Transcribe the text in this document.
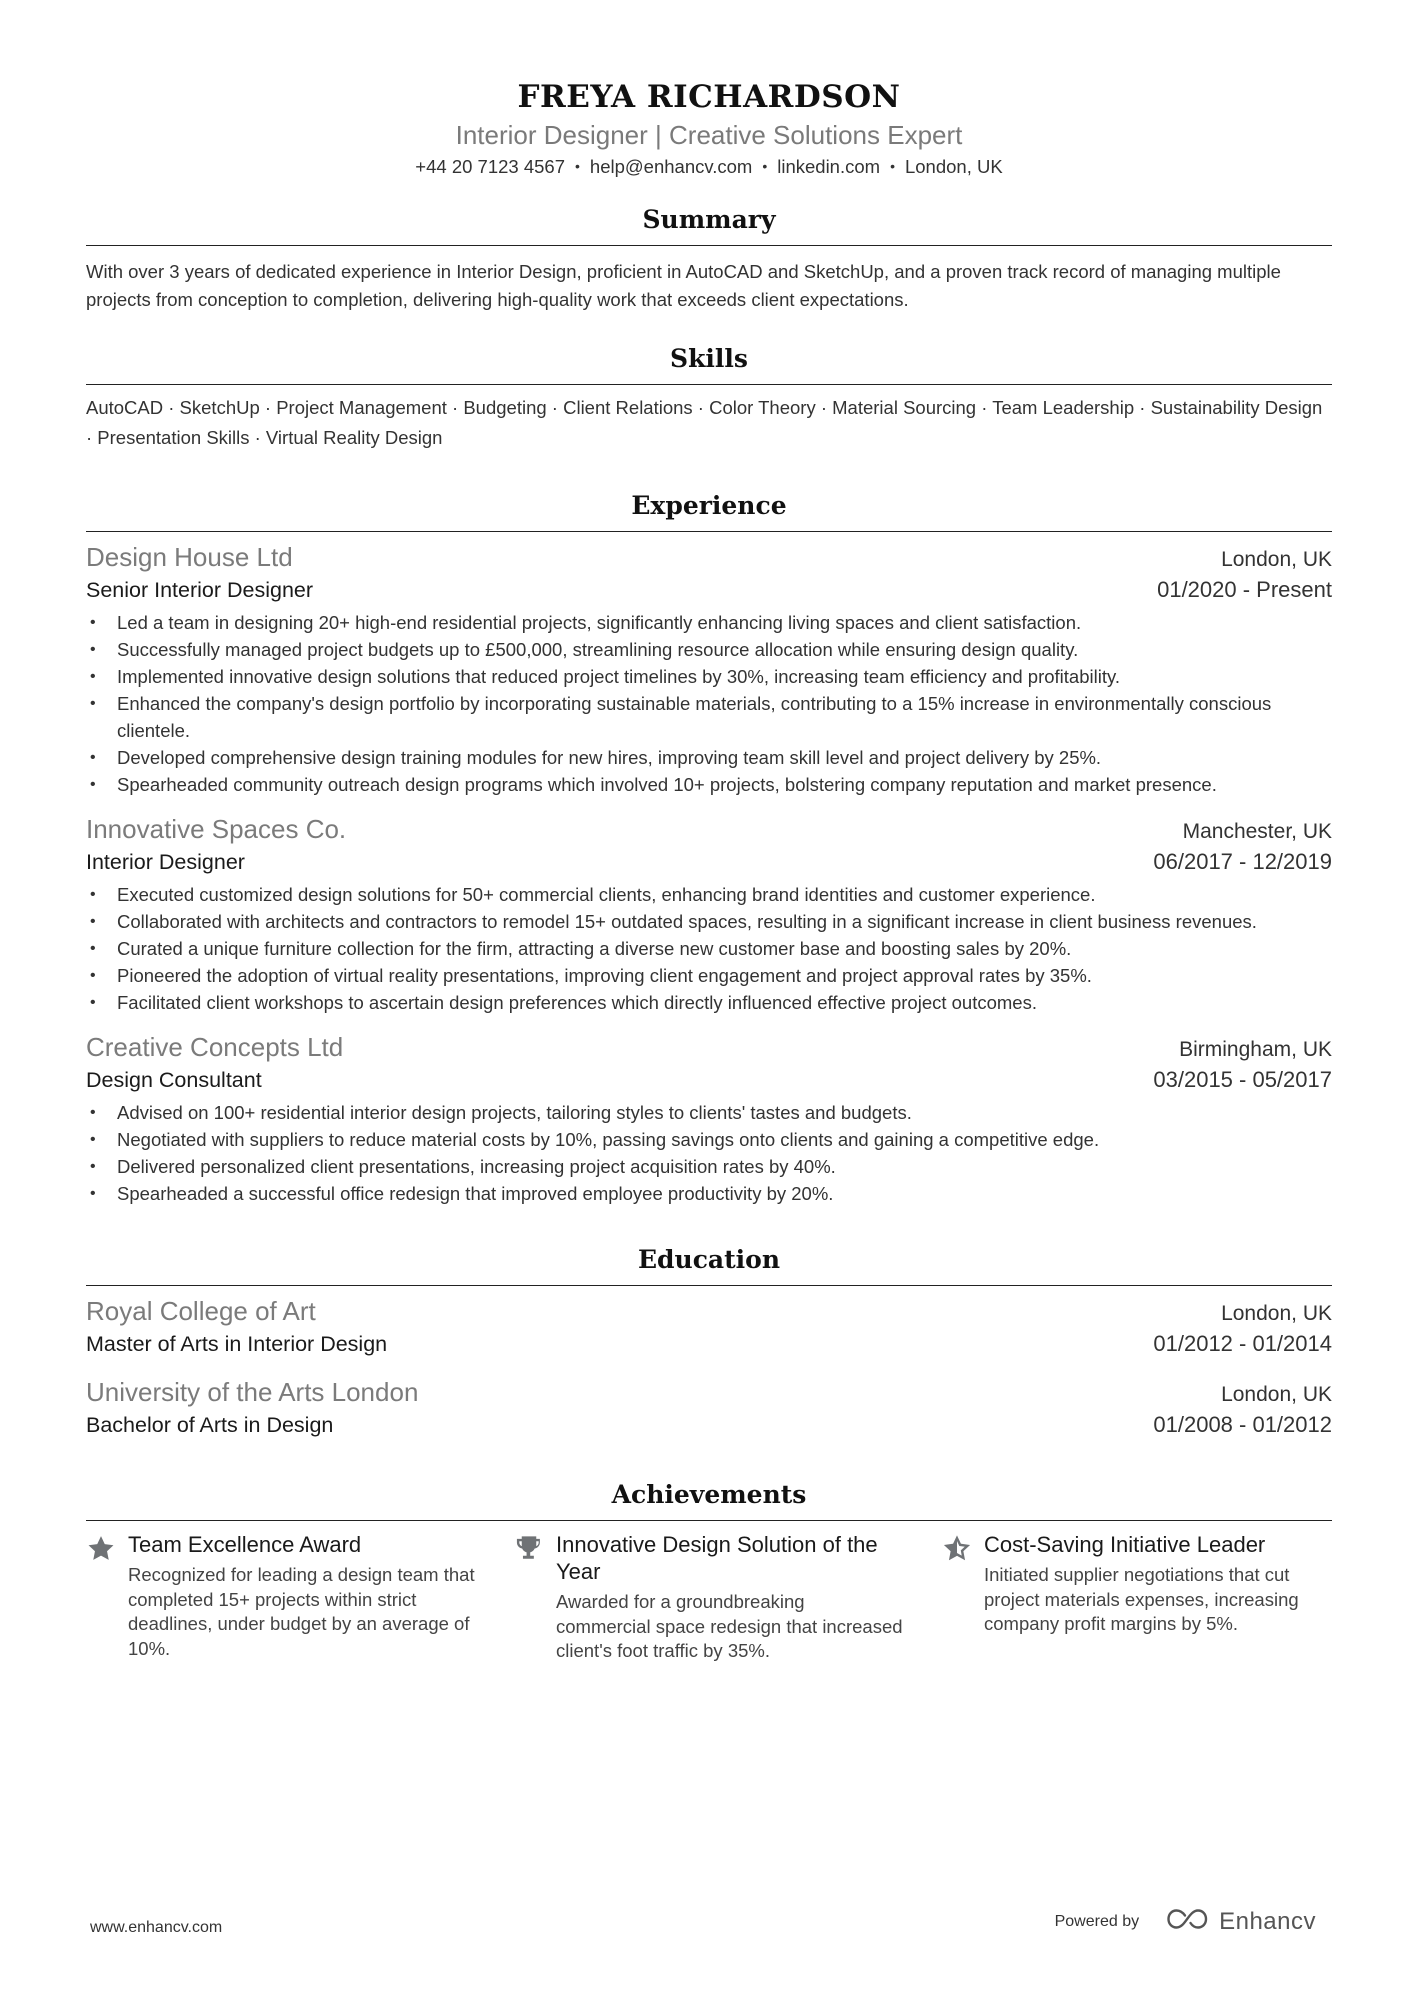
FREYA RICHARDSON
Interior Designer | Creative Solutions Expert
+44 20 7123 4567 • help@enhancv.com • linkedin.com • London, UK
Summary
With over 3 years of dedicated experience in Interior Design, proficient in AutoCAD and SketchUp, and a proven track record of managing multiple projects from conception to completion, delivering high-quality work that exceeds client expectations.
Skills
AutoCAD · SketchUp · Project Management · Budgeting · Client Relations · Color Theory · Material Sourcing · Team Leadership · Sustainability Design · Presentation Skills · Virtual Reality Design
Experience
Design House Ltd	London, UK
Senior Interior Designer	01/2020 - Present
• Led a team in designing 20+ high-end residential projects, significantly enhancing living spaces and client satisfaction.
• Successfully managed project budgets up to £500,000, streamlining resource allocation while ensuring design quality.
• Implemented innovative design solutions that reduced project timelines by 30%, increasing team efficiency and profitability.
• Enhanced the company's design portfolio by incorporating sustainable materials, contributing to a 15% increase in environmentally conscious clientele.
• Developed comprehensive design training modules for new hires, improving team skill level and project delivery by 25%.
• Spearheaded community outreach design programs which involved 10+ projects, bolstering company reputation and market presence.
Innovative Spaces Co.	Manchester, UK
Interior Designer	06/2017 - 12/2019
• Executed customized design solutions for 50+ commercial clients, enhancing brand identities and customer experience.
• Collaborated with architects and contractors to remodel 15+ outdated spaces, resulting in a significant increase in client business revenues.
• Curated a unique furniture collection for the firm, attracting a diverse new customer base and boosting sales by 20%.
• Pioneered the adoption of virtual reality presentations, improving client engagement and project approval rates by 35%.
• Facilitated client workshops to ascertain design preferences which directly influenced effective project outcomes.
Creative Concepts Ltd	Birmingham, UK
Design Consultant	03/2015 - 05/2017
• Advised on 100+ residential interior design projects, tailoring styles to clients' tastes and budgets.
• Negotiated with suppliers to reduce material costs by 10%, passing savings onto clients and gaining a competitive edge.
• Delivered personalized client presentations, increasing project acquisition rates by 40%.
• Spearheaded a successful office redesign that improved employee productivity by 20%.
Education
Royal College of Art	London, UK
Master of Arts in Interior Design	01/2012 - 01/2014
University of the Arts London	London, UK
Bachelor of Arts in Design	01/2008 - 01/2012
Achievements
Team Excellence Award
Recognized for leading a design team that completed 15+ projects within strict deadlines, under budget by an average of 10%.
Innovative Design Solution of the Year
Awarded for a groundbreaking commercial space redesign that increased client's foot traffic by 35%.
Cost-Saving Initiative Leader
Initiated supplier negotiations that cut project materials expenses, increasing company profit margins by 5%.
www.enhancv.com	Powered by	Enhancv
